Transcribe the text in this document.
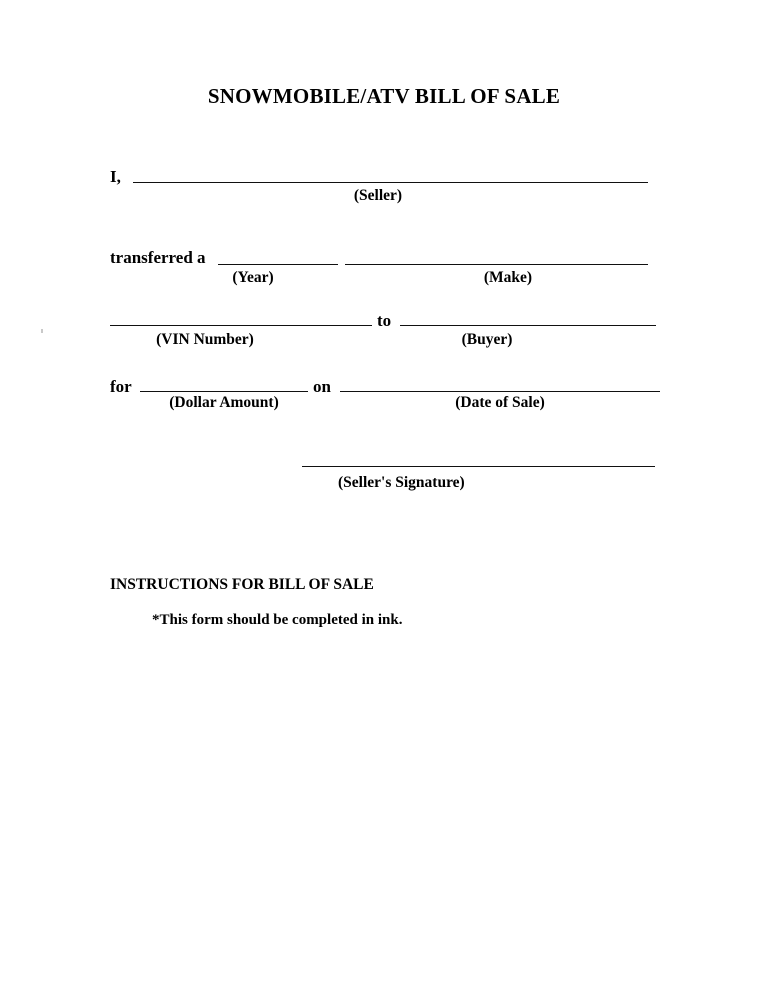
SNOWMOBILE/ATV BILL OF SALE
I,
(Seller)
transferred a
(Year)	(Make)
(VIN Number)
to
(Buyer)
for
(Dollar Amount)
on
(Date of Sale)
(Seller's Signature)
INSTRUCTIONS FOR BILL OF SALE
*This form should be completed in ink.
